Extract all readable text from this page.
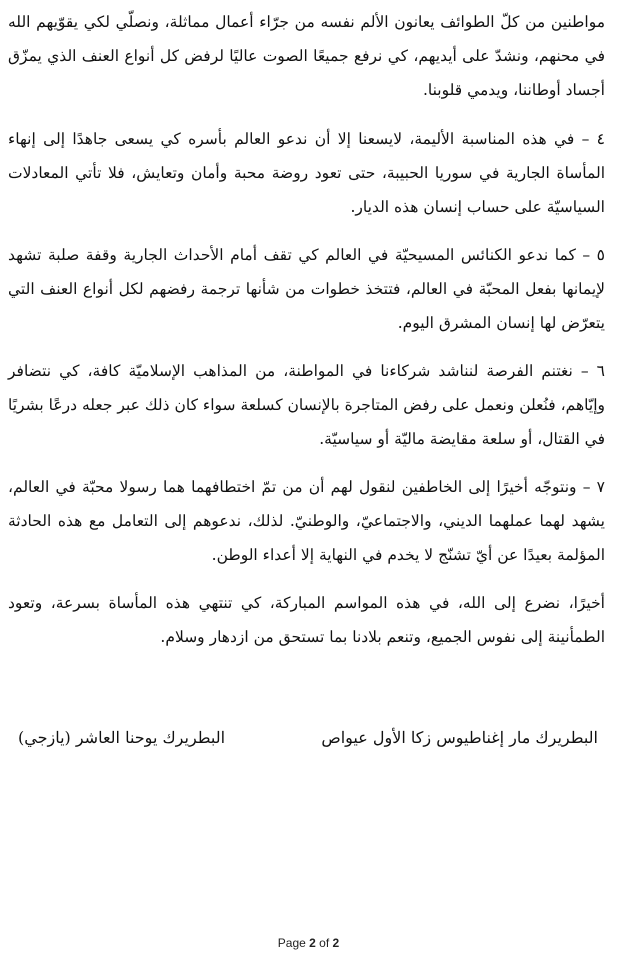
مواطنين من كلّ الطوائف يعانون الألم نفسه من جرّاء أعمال مماثلة، ونصلّي لكي يقوّيهم الله في محنهم، ونشدّ على أيديهم، كي نرفع جميعًا الصوت عاليًا لرفض كل أنواع العنف الذي يمزّق أجساد أوطاننا، ويدمي قلوبنا.
٤ – في هذه المناسبة الأليمة، لايسعنا إلا أن ندعو العالم بأسره كي يسعى جاهدًا إلى إنهاء المأساة الجارية في سوريا الحبيبة، حتى تعود روضة محبة وأمان وتعايش، فلا تأتي المعادلات السياسيّة على حساب إنسان هذه الديار.
٥ – كما ندعو الكنائس المسيحيّة في العالم كي تقف أمام الأحداث الجارية وقفة صلبة تشهد لإيمانها بفعل المحبّة في العالم، فتتخذ خطوات من شأنها ترجمة رفضهم لكل أنواع العنف التي يتعرّض لها إنسان المشرق اليوم.
٦ – نغتنم الفرصة لنناشد شركاءنا في المواطنة، من المذاهب الإسلاميّة كافة، كي نتضافر وإيّاهم، فنُعلن ونعمل على رفض المتاجرة بالإنسان كسلعة سواء كان ذلك عبر جعله درعًا بشريًا في القتال، أو سلعة مقايضة ماليّة أو سياسيّة.
٧ – ونتوجّه أخيرًا إلى الخاطفين لنقول لهم أن من تمّ اختطافهما هما رسولا محبّة في العالم، يشهد لهما عملهما الديني، والاجتماعيّ، والوطنيّ. لذلك، ندعوهم إلى التعامل مع هذه الحادثة المؤلمة بعيدًا عن أيّ تشنّج لا يخدم في النهاية إلا أعداء الوطن.
أخيرًا، نضرع إلى الله، في هذه المواسم المباركة، كي تنتهي هذه المأساة بسرعة، وتعود الطمأنينة إلى نفوس الجميع، وتنعم بلادنا بما تستحق من ازدهار وسلام.
البطريرك مار إغناطيوس زكا الأول عيواص
البطريرك يوحنا العاشر (يازجي)
Page 2 of 2
